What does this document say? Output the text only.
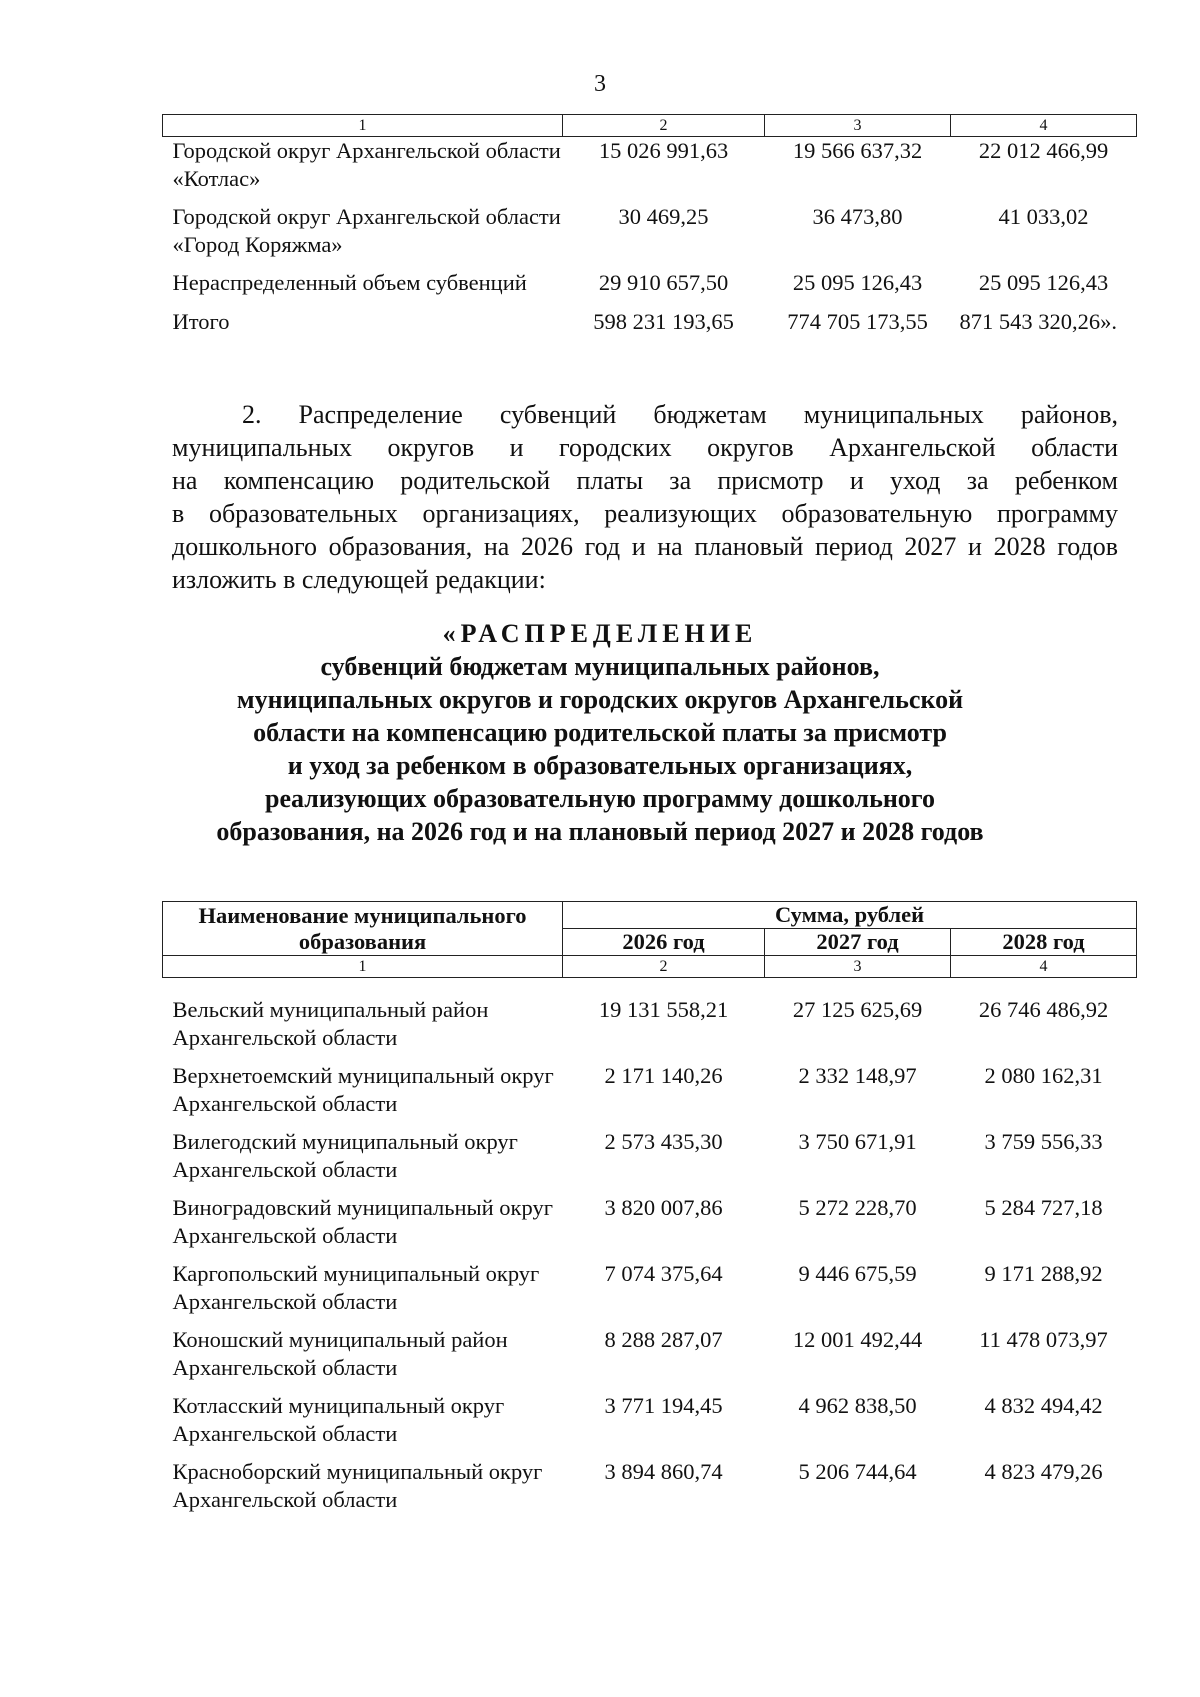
3
1	2	3	4
Городской округ Архангельской области «Котлас»	15 026 991,63	19 566 637,32	22 012 466,99
Городской округ Архангельской области «Город Коряжма»	30 469,25	36 473,80	41 033,02
Нераспределенный объем субвенций	29 910 657,50	25 095 126,43	25 095 126,43
Итого	598 231 193,65	774 705 173,55	871 543 320,26».
2. Распределение субвенций бюджетам муниципальных районов,
муниципальных округов и городских округов Архангельской области
на компенсацию родительской платы за присмотр и уход за ребенком
в образовательных организациях, реализующих образовательную программу
дошкольного образования, на 2026 год и на плановый период 2027 и 2028 годов
изложить в следующей редакции:
«РАСПРЕДЕЛЕНИЕ
субвенций бюджетам муниципальных районов,
муниципальных округов и городских округов Архангельской
области на компенсацию родительской платы за присмотр
и уход за ребенком в образовательных организациях,
реализующих образовательную программу дошкольного
образования, на 2026 год и на плановый период 2027 и 2028 годов
Наименование муниципального образования	Сумма, рублей		
	2026 год	2027 год	2028 год
1	2	3	4

Вельский муниципальный район Архангельской области	19 131 558,21	27 125 625,69	26 746 486,92
Верхнетоемский муниципальный округ Архангельской области	2 171 140,26	2 332 148,97	2 080 162,31
Вилегодский муниципальный округ Архангельской области	2 573 435,30	3 750 671,91	3 759 556,33
Виноградовский муниципальный округ Архангельской области	3 820 007,86	5 272 228,70	5 284 727,18
Каргопольский муниципальный округ Архангельской области	7 074 375,64	9 446 675,59	9 171 288,92
Коношский муниципальный район Архангельской области	8 288 287,07	12 001 492,44	11 478 073,97
Котласский муниципальный округ Архангельской области	3 771 194,45	4 962 838,50	4 832 494,42
Красноборский муниципальный округ Архангельской области	3 894 860,74	5 206 744,64	4 823 479,26
